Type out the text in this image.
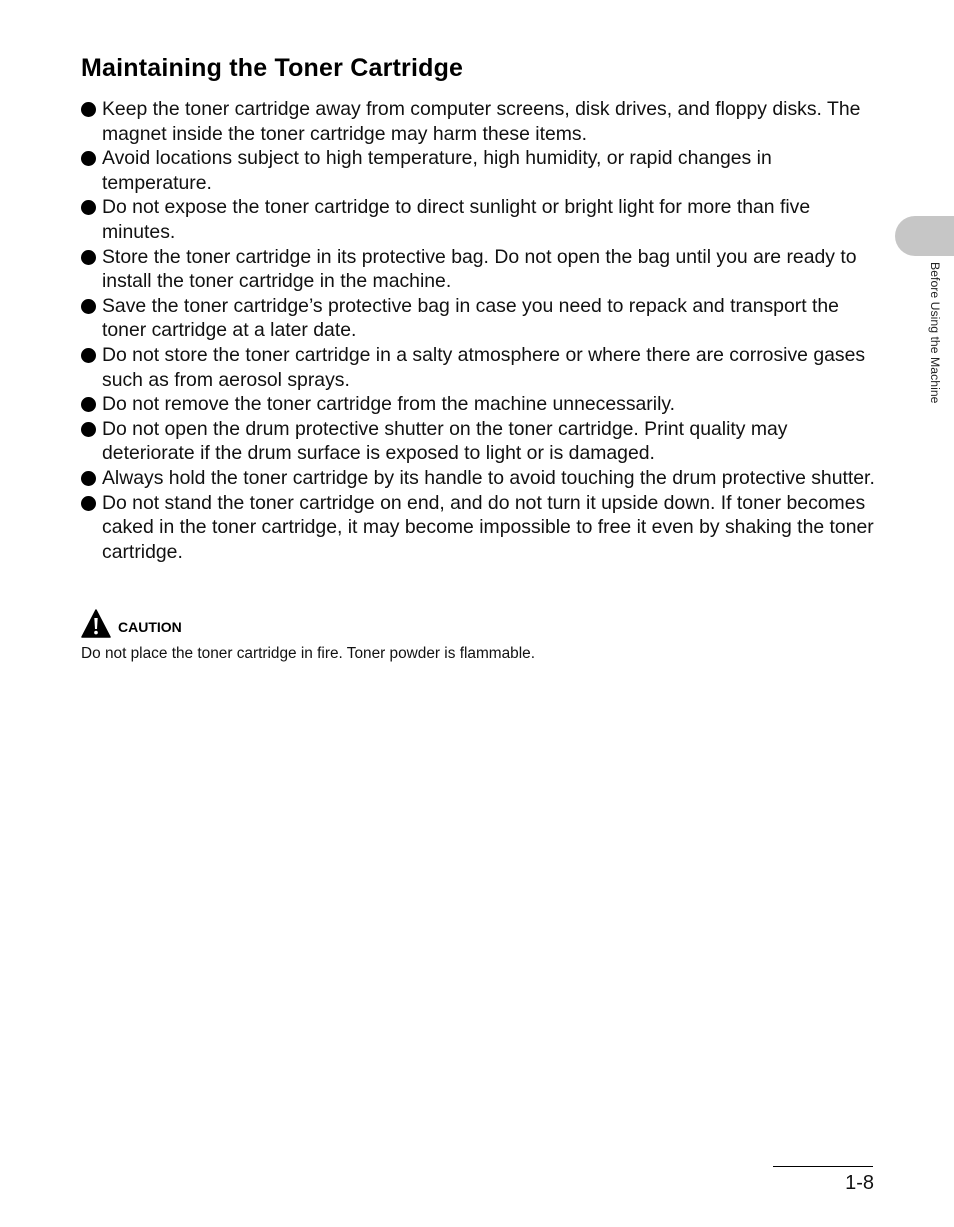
Maintaining the Toner Cartridge
Keep the toner cartridge away from computer screens, disk drives, and floppy disks. The magnet inside the toner cartridge may harm these items.
Avoid locations subject to high temperature, high humidity, or rapid changes in temperature.
Do not expose the toner cartridge to direct sunlight or bright light for more than five minutes.
Store the toner cartridge in its protective bag. Do not open the bag until you are ready to install the toner cartridge in the machine.
Save the toner cartridge’s protective bag in case you need to repack and transport the toner cartridge at a later date.
Do not store the toner cartridge in a salty atmosphere or where there are corrosive gases such as from aerosol sprays.
Do not remove the toner cartridge from the machine unnecessarily.
Do not open the drum protective shutter on the toner cartridge. Print quality may deteriorate if the drum surface is exposed to light or is damaged.
Always hold the toner cartridge by its handle to avoid touching the drum protective shutter.
Do not stand the toner cartridge on end, and do not turn it upside down. If toner becomes caked in the toner cartridge, it may become impossible to free it even by shaking the toner cartridge.
CAUTION
Do not place the toner cartridge in fire. Toner powder is flammable.
Before Using the Machine
1-8
